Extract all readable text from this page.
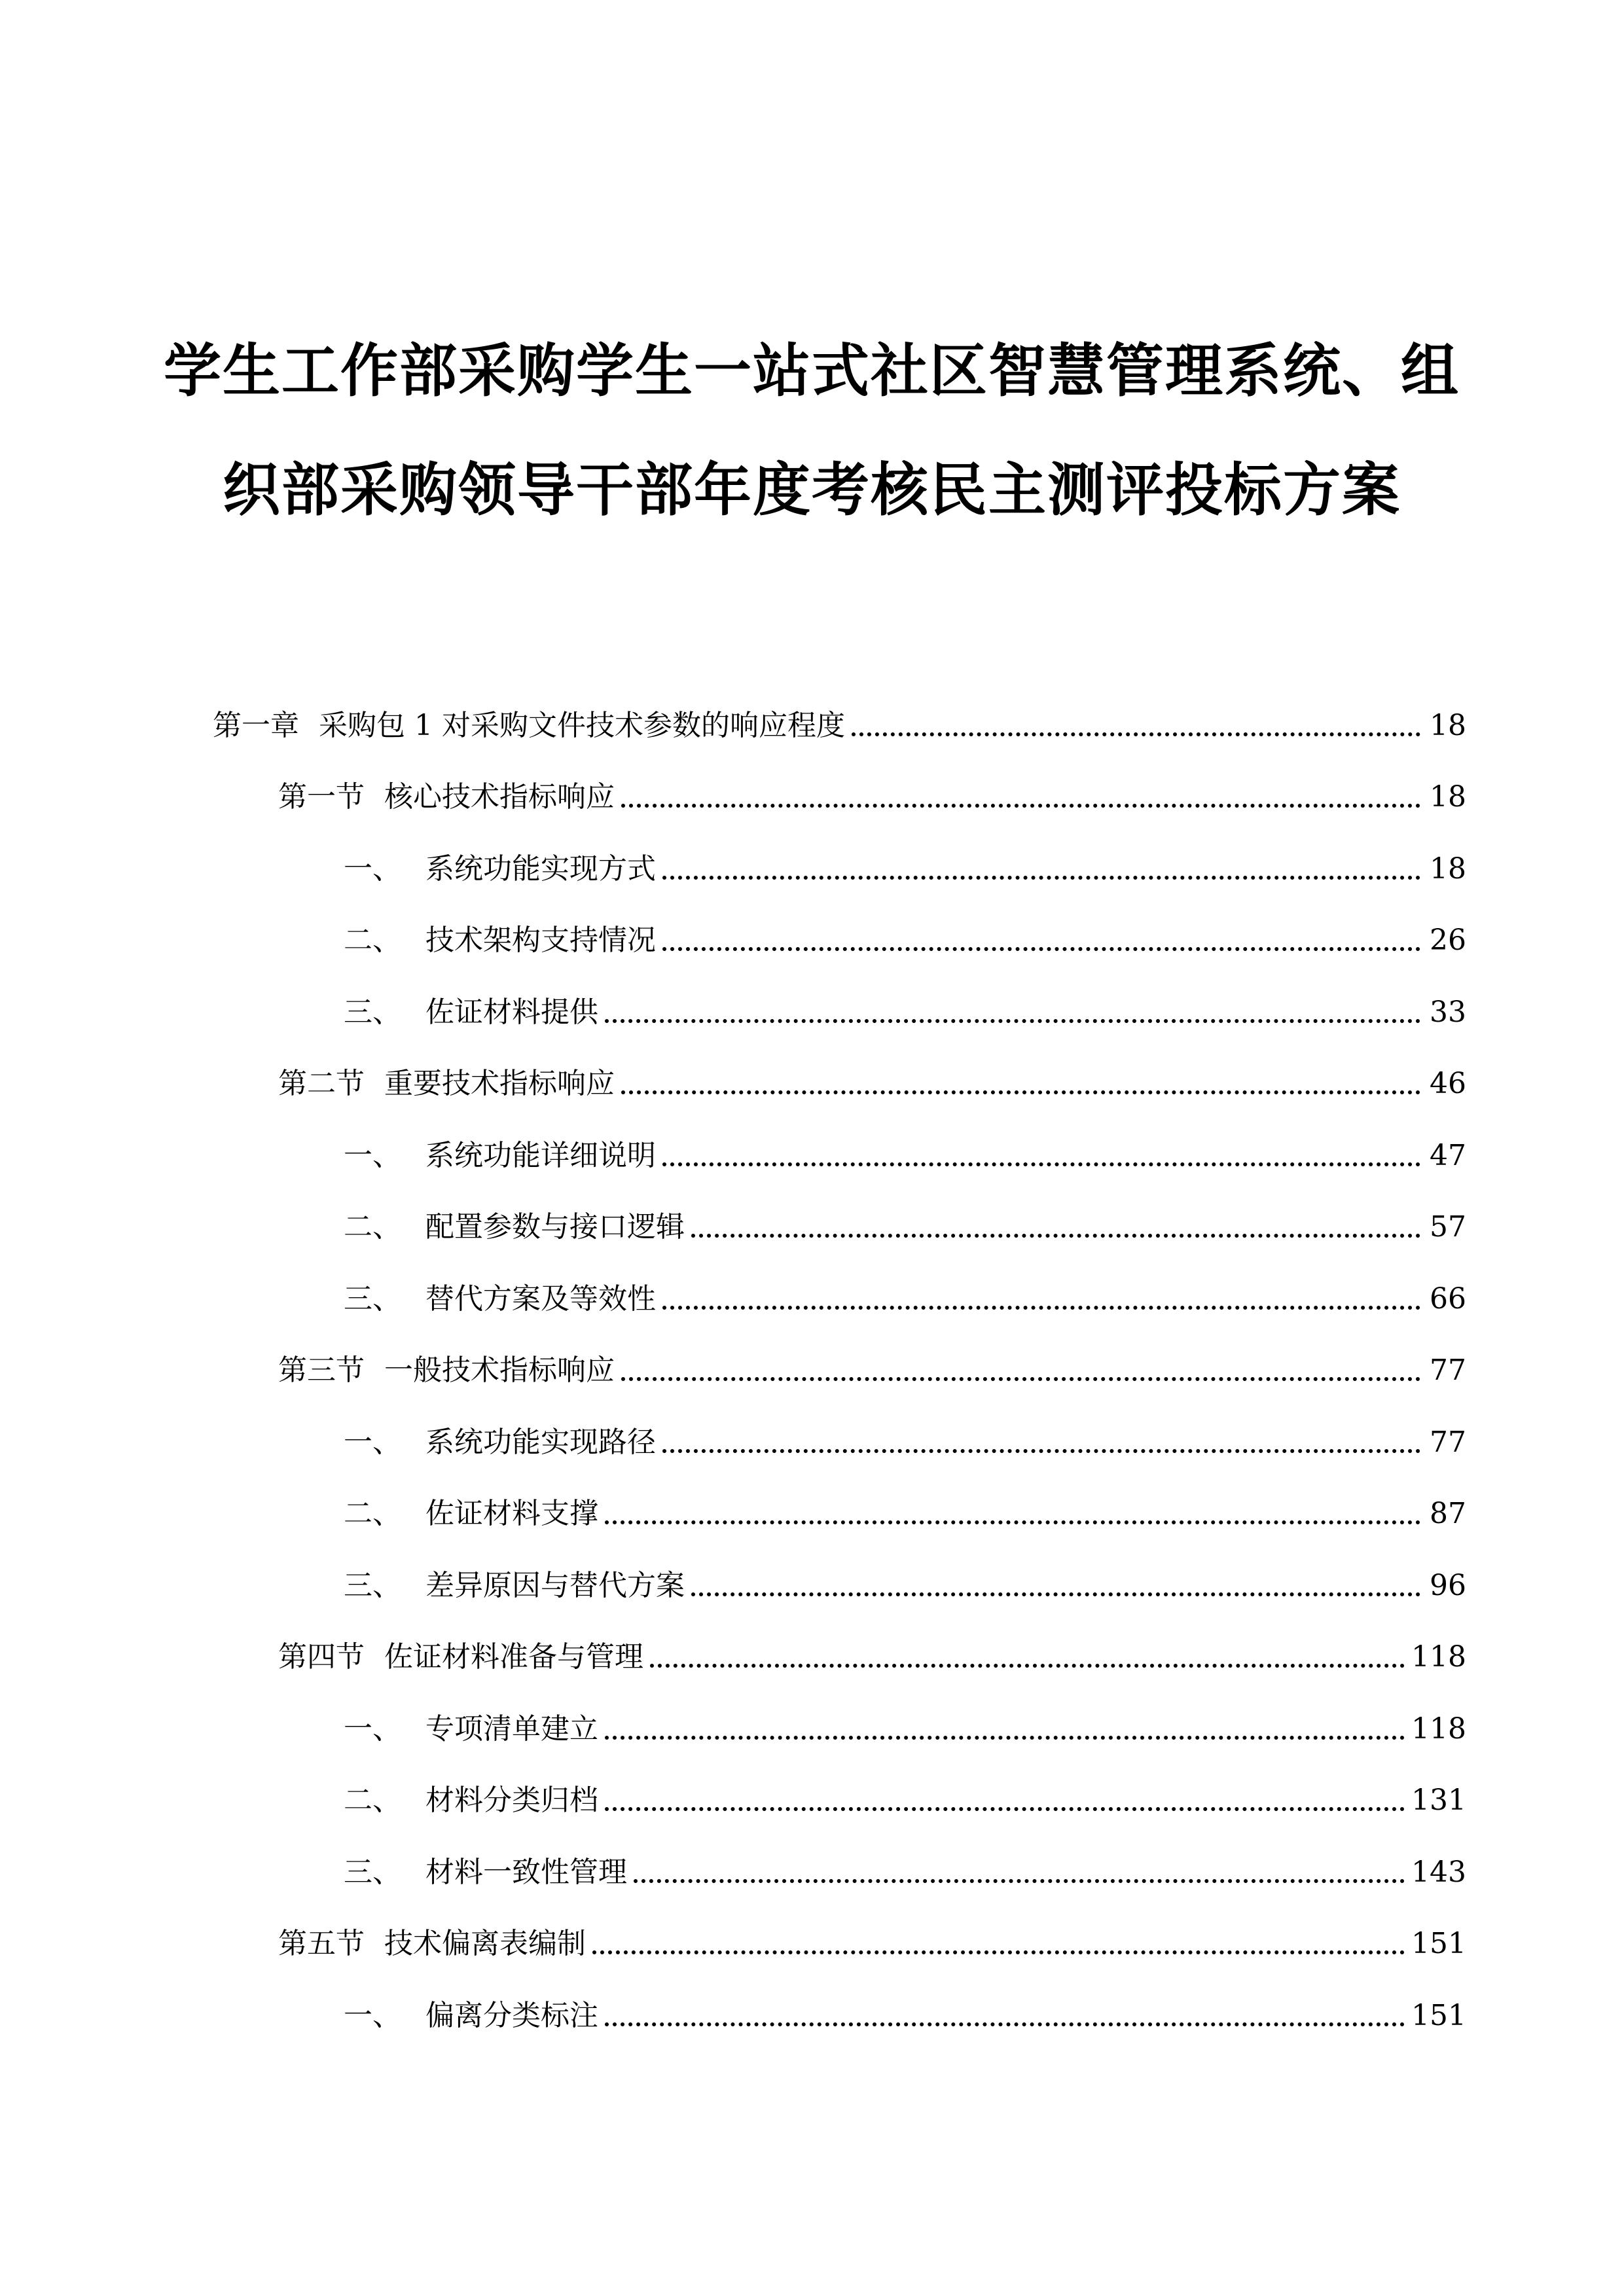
学生工作部采购学生一站式社区智慧管理系统、组
织部采购领导干部年度考核民主测评投标方案
第一章 采购包 1 对采购文件技术参数的响应程度	18
第一节 核心技术指标响应	18
一、 系统功能实现方式	18
二、 技术架构支持情况	26
三、 佐证材料提供	33
第二节 重要技术指标响应	46
一、 系统功能详细说明	47
二、 配置参数与接口逻辑	57
三、 替代方案及等效性	66
第三节 一般技术指标响应	77
一、 系统功能实现路径	77
二、 佐证材料支撑	87
三、 差异原因与替代方案	96
第四节 佐证材料准备与管理	118
一、 专项清单建立	118
二、 材料分类归档	131
三、 材料一致性管理	143
第五节 技术偏离表编制	151
一、 偏离分类标注	151
